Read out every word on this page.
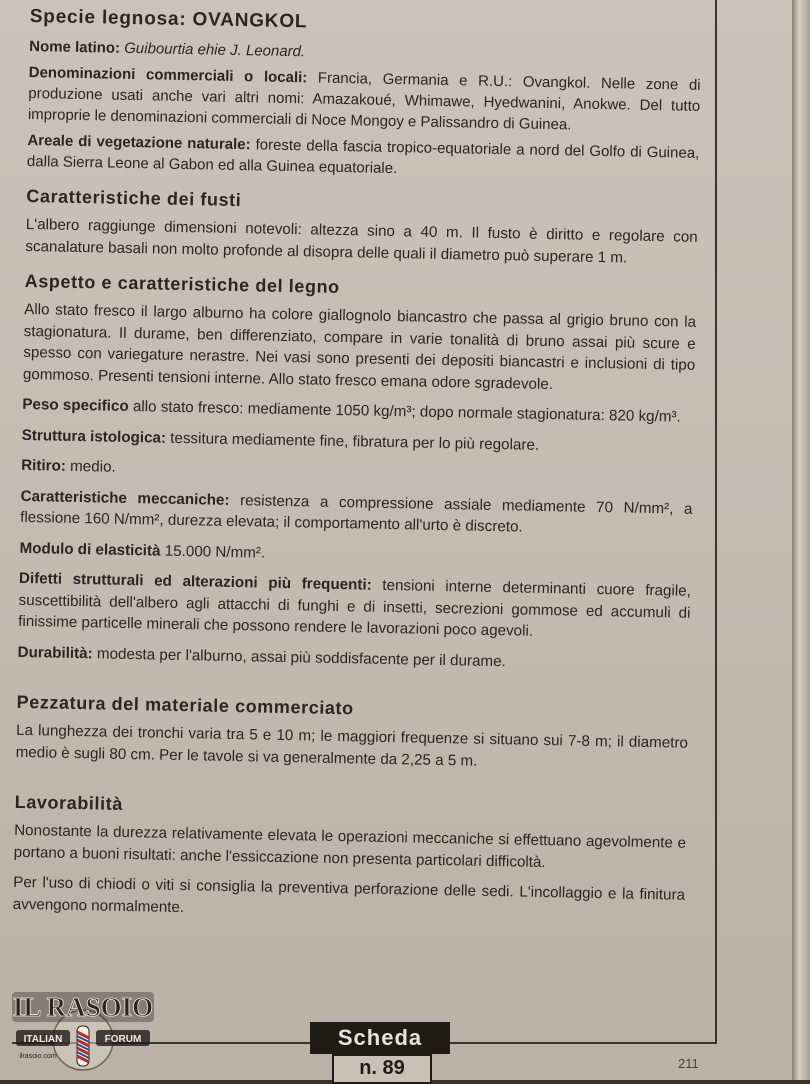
Specie legnosa: OVANGKOL

Nome latino: Guibourtia ehie J. Leonard.

Denominazioni commerciali o locali: Francia, Germania e R.U.: Ovangkol. Nelle zone di produzione usati anche vari altri nomi: Amazakoué, Whimawe, Hyedwanini, Anokwe. Del tutto improprie le denominazioni commerciali di Noce Mongoy e Palissandro di Guinea.

Areale di vegetazione naturale: foreste della fascia tropico-equatoriale a nord del Golfo di Guinea, dalla Sierra Leone al Gabon ed alla Guinea equatoriale.

Caratteristiche dei fusti

L'albero raggiunge dimensioni notevoli: altezza sino a 40 m. Il fusto è diritto e regolare con scanalature basali non molto profonde al disopra delle quali il diametro può superare 1 m.

Aspetto e caratteristiche del legno

Allo stato fresco il largo alburno ha colore giallognolo biancastro che passa al grigio bruno con la stagionatura. Il durame, ben differenziato, compare in varie tonalità di bruno assai più scure e spesso con variegature nerastre. Nei vasi sono presenti dei depositi biancastri e inclusioni di tipo gommoso. Presenti tensioni interne. Allo stato fresco emana odore sgradevole.

Peso specifico allo stato fresco: mediamente 1050 kg/m³; dopo normale stagionatura: 820 kg/m³.

Struttura istologica: tessitura mediamente fine, fibratura per lo più regolare.

Ritiro: medio.

Caratteristiche meccaniche: resistenza a compressione assiale mediamente 70 N/mm², a flessione 160 N/mm², durezza elevata; il comportamento all'urto è discreto.

Modulo di elasticità 15.000 N/mm².

Difetti strutturali ed alterazioni più frequenti: tensioni interne determinanti cuore fragile, suscettibilità dell'albero agli attacchi di funghi e di insetti, secrezioni gommose ed accumuli di finissime particelle minerali che possono rendere le lavorazioni poco agevoli.

Durabilità: modesta per l'alburno, assai più soddisfacente per il durame.

Pezzatura del materiale commerciato

La lunghezza dei tronchi varia tra 5 e 10 m; le maggiori frequenze si situano sui 7-8 m; il diametro medio è sugli 80 cm. Per le tavole si va generalmente da 2,25 a 5 m.

Lavorabilità

Nonostante la durezza relativamente elevata le operazioni meccaniche si effettuano agevolmente e portano a buoni risultati: anche l'essiccazione non presenta particolari difficoltà.

Per l'uso di chiodi o viti si consiglia la preventiva perforazione delle sedi. L'incollaggio e la finitura avvengono normalmente.

IL RASOIO
ITALIAN	FORUM
ilrasoio.com
Scheda
n. 89	211
